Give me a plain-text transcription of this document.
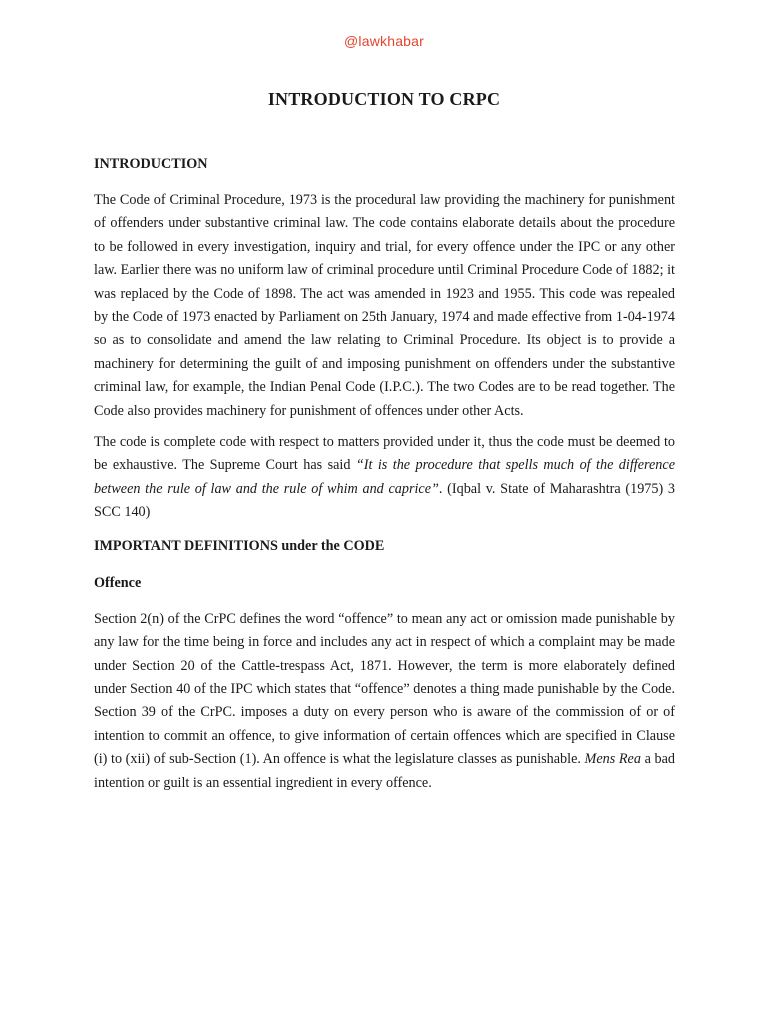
@lawkhabar
INTRODUCTION TO CRPC

INTRODUCTION

The Code of Criminal Procedure, 1973 is the procedural law providing the machinery for punishment of offenders under substantive criminal law. The code contains elaborate details about the procedure to be followed in every investigation, inquiry and trial, for every offence under the IPC or any other law. Earlier there was no uniform law of criminal procedure until Criminal Procedure Code of 1882; it was replaced by the Code of 1898. The act was amended in 1923 and 1955. This code was repealed by the Code of 1973 enacted by Parliament on 25th January, 1974 and made effective from 1-04-1974 so as to consolidate and amend the law relating to Criminal Procedure. Its object is to provide a machinery for determining the guilt of and imposing punishment on offenders under the substantive criminal law, for example, the Indian Penal Code (I.P.C.). The two Codes are to be read together. The Code also provides machinery for punishment of offences under other Acts.

The code is complete code with respect to matters provided under it, thus the code must be deemed to be exhaustive. The Supreme Court has said “It is the procedure that spells much of the difference between the rule of law and the rule of whim and caprice”. (Iqbal v. State of Maharashtra (1975) 3 SCC 140)

IMPORTANT DEFINITIONS under the CODE

Offence

Section 2(n) of the CrPC defines the word “offence” to mean any act or omission made punishable by any law for the time being in force and includes any act in respect of which a complaint may be made under Section 20 of the Cattle-trespass Act, 1871. However, the term is more elaborately defined under Section 40 of the IPC which states that “offence” denotes a thing made punishable by the Code. Section 39 of the CrPC. imposes a duty on every person who is aware of the commission of or of intention to commit an offence, to give information of certain offences which are specified in Clause (i) to (xii) of sub-Section (1). An offence is what the legislature classes as punishable. Mens Rea a bad intention or guilt is an essential ingredient in every offence.
